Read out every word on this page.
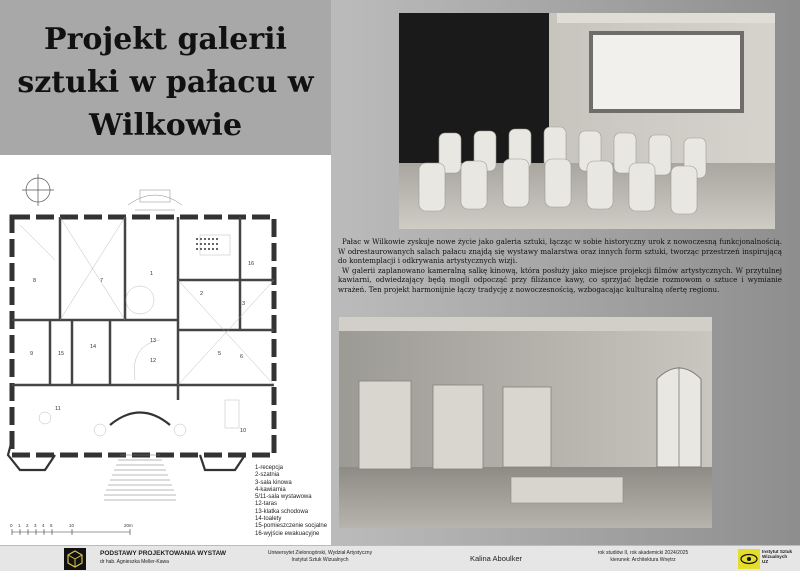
Projekt galerii
sztuki w pałacu w
Wilkowie
8	7
1
16
2
3
5
14
13
6
15
9
12
11
10
0 1 2 3 4 5	10	20m
1-recepcja
2-szatnia
3-sala kinowa
4-kawiarnia
5/11-sala wystawowa
12-taras
13-klatka schodowa
14-toalety
15-pomieszczenie socjalne
16-wyjście ewakuacyjne

Pałac w Wilkowie zyskuje nowe życie jako galeria sztuki, łącząc w sobie historyczny urok z nowoczesną funkcjonalnością. W odrestaurowanych salach pałacu znajdą się wystawy malarstwa oraz innych form sztuki, tworząc przestrzeń inspirującą do kontemplacji i odkrywania artystycznych wizji.

W galerii zaplanowano kameralną salkę kinową, która posłuży jako miejsce projekcji filmów artystycznych. W przytulnej kawiarni, odwiedzający będą mogli odpocząć przy filiżance kawy, co sprzyjać będzie rozmowom o sztuce i wymianie wrażeń. Ten projekt harmonijnie łączy tradycję z nowoczesnością, wzbogacając kulturalną ofertę regionu.

PODSTAWY PROJEKTOWANIA WYSTAW
dr hab. Agnieszka Meller-Kawa
Uniwersytet Zielonogórski, Wydział Artystyczny
Instytut Sztuk Wizualnych	Kalina Aboulker
rok studiów II, rok akademicki 2024/2025
kierunek: Architektura Wnętrz
Instytut Sztuk
Wizualnych
UZ
